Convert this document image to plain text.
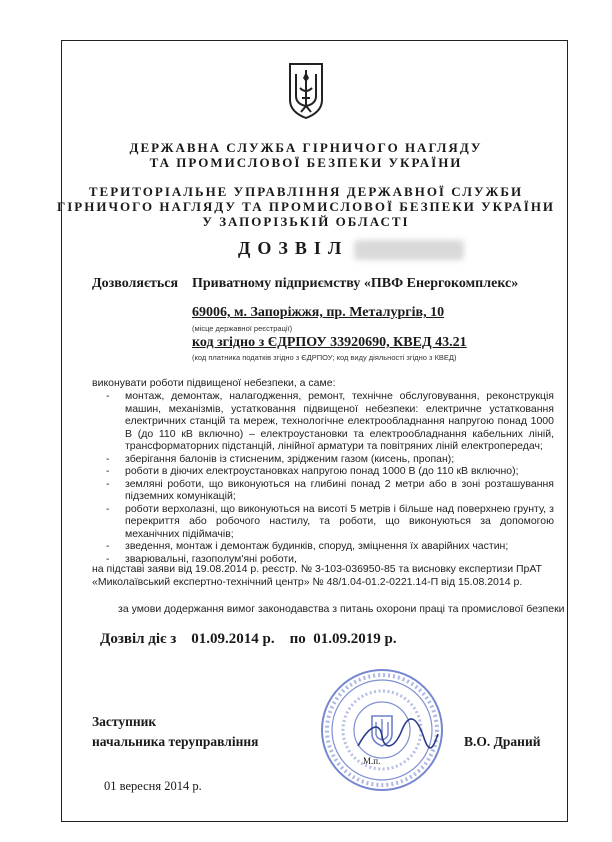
ДЕРЖАВНА СЛУЖБА ГІРНИЧОГО НАГЛЯДУ
ТА ПРОМИСЛОВОЇ БЕЗПЕКИ УКРАЇНИ
ТЕРИТОРІАЛЬНЕ УПРАВЛІННЯ ДЕРЖАВНОЇ СЛУЖБИ
ГІРНИЧОГО НАГЛЯДУ ТА ПРОМИСЛОВОЇ БЕЗПЕКИ УКРАЇНИ
У ЗАПОРІЗЬКІЙ ОБЛАСТІ
ДОЗВІЛ
Дозволяється Приватному підприємству «ПВФ Енергокомплекс»
69006, м. Запоріжжя, пр. Металургів, 10
(місце державної реєстрації)
код згідно з ЄДРПОУ 33920690, КВЕД 43.21
(код платника податків згідно з ЄДРПОУ; код виду діяльності згідно з КВЕД)
виконувати роботи підвищеної небезпеки, а саме:
- монтаж, демонтаж, налагодження, ремонт, технічне обслуговування, реконструкція машин, механізмів, устатковання підвищеної небезпеки: електричне устатковання електричних станцій та мереж, технологічне електрообладнання напругою понад 1000 В (до 110 кВ включно) – електроустановки та електрообладнання кабельних ліній, трансформаторних підстанцій, лінійної арматури та повітряних ліній електропередач;
- зберігання балонів із стисненим, зрідженим газом (кисень, пропан);
- роботи в діючих електроустановках напругою понад 1000 В (до 110 кВ включно);
- земляні роботи, що виконуються на глибині понад 2 метри або в зоні розташування підземних комунікацій;
- роботи верхолазні, що виконуються на висоті 5 метрів і більше над поверхнею грунту, з перекриття або робочого настилу, та роботи, що виконуються за допомогою механічних підіймачів;
- зведення, монтаж і демонтаж будинків, споруд, зміцнення їх аварійних частин;
- зварювальні, газополум'яні роботи,
на підставі заяви від 19.08.2014 р. реєстр. № 3-103-036950-85 та висновку експертизи ПрАТ
«Миколаївський експертно-технічний центр» № 48/1.04-01.2-0221.14-П від 15.08.2014 р.
за умови додержання вимог законодавства з питань охорони праці та промислової безпеки
Дозвіл діє з 01.09.2014 р. по 01.09.2019 р.
Заступник
начальника теруправління	В.О. Драний
М.п.
01 вересня 2014 р.
